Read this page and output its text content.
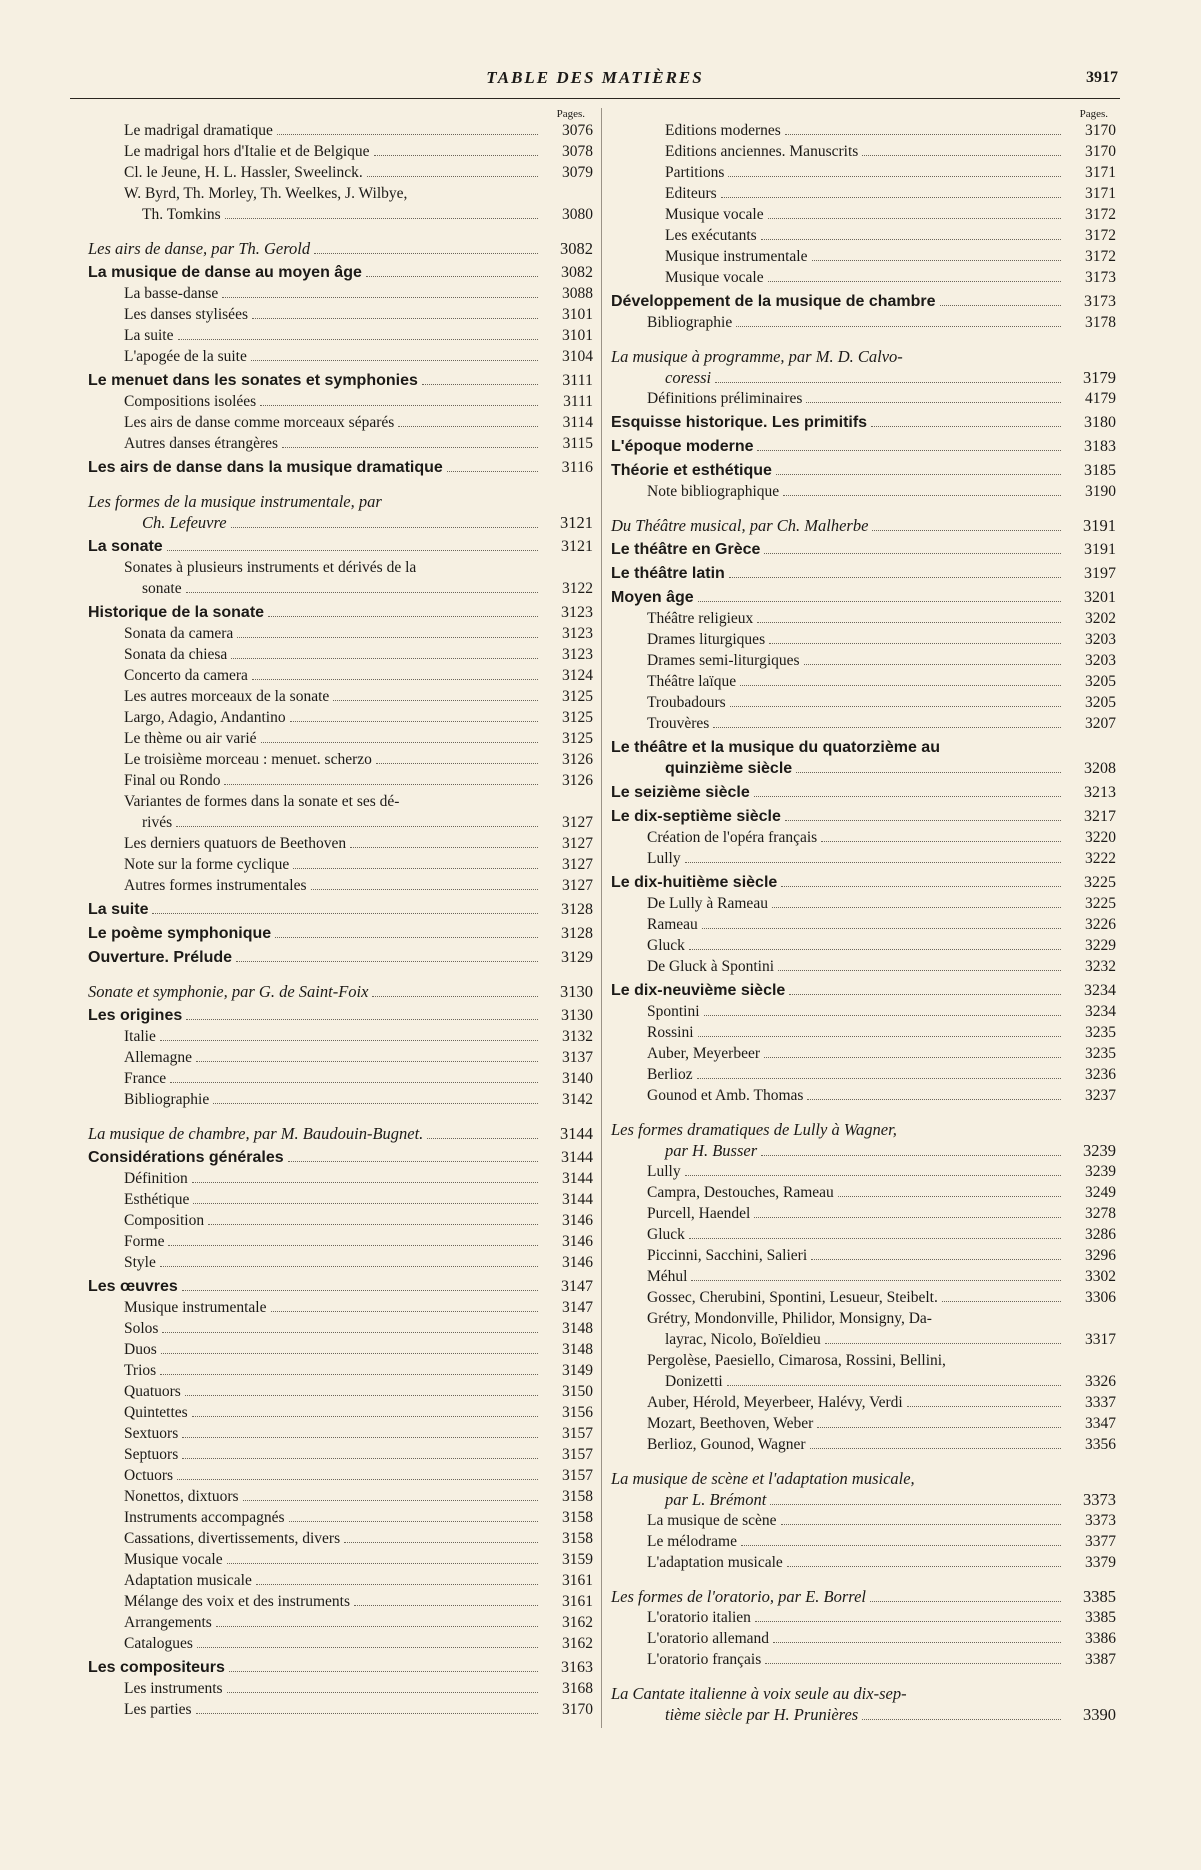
TABLE DES MATIÈRES	3917
Pages.
Le madrigal dramatique	3076
Le madrigal hors d'Italie et de Belgique	3078
Cl. le Jeune, H. L. Hassler, Sweelinck.	3079
W. Byrd, Th. Morley, Th. Weelkes, J. Wilbye,
Th. Tomkins	3080
Les airs de danse, par Th. Gerold	3082
La musique de danse au moyen âge	3082
La basse-danse	3088
Les danses stylisées	3101
La suite	3101
L'apogée de la suite	3104
Le menuet dans les sonates et symphonies	3111
Compositions isolées	3111
Les airs de danse comme morceaux séparés	3114
Autres danses étrangères	3115
Les airs de danse dans la musique dramatique	3116
Les formes de la musique instrumentale, par
Ch. Lefeuvre	3121
La sonate	3121
Sonates à plusieurs instruments et dérivés de la
sonate	3122
Historique de la sonate	3123
Sonata da camera	3123
Sonata da chiesa	3123
Concerto da camera	3124
Les autres morceaux de la sonate	3125
Largo, Adagio, Andantino	3125
Le thème ou air varié	3125
Le troisième morceau : menuet. scherzo	3126
Final ou Rondo	3126
Variantes de formes dans la sonate et ses dé-
rivés	3127
Les derniers quatuors de Beethoven	3127
Note sur la forme cyclique	3127
Autres formes instrumentales	3127
La suite	3128
Le poème symphonique	3128
Ouverture. Prélude	3129
Sonate et symphonie, par G. de Saint-Foix	3130
Les origines	3130
Italie	3132
Allemagne	3137
France	3140
Bibliographie	3142
La musique de chambre, par M. Baudouin-Bugnet.	3144
Considérations générales	3144
Définition	3144
Esthétique	3144
Composition	3146
Forme	3146
Style	3146
Les œuvres	3147
Musique instrumentale	3147
Solos	3148
Duos	3148
Trios	3149
Quatuors	3150
Quintettes	3156
Sextuors	3157
Septuors	3157
Octuors	3157
Nonettos, dixtuors	3158
Instruments accompagnés	3158
Cassations, divertissements, divers	3158
Musique vocale	3159
Adaptation musicale	3161
Mélange des voix et des instruments	3161
Arrangements	3162
Catalogues	3162
Les compositeurs	3163
Les instruments	3168
Les parties	3170
Pages.
Editions modernes	3170
Editions anciennes. Manuscrits	3170
Partitions	3171
Editeurs	3171
Musique vocale	3172
Les exécutants	3172
Musique instrumentale	3172
Musique vocale	3173
Développement de la musique de chambre	3173
Bibliographie	3178
La musique à programme, par M. D. Calvo-
coressi	3179
Définitions préliminaires	4179
Esquisse historique. Les primitifs	3180
L'époque moderne	3183
Théorie et esthétique	3185
Note bibliographique	3190
Du Théâtre musical, par Ch. Malherbe	3191
Le théâtre en Grèce	3191
Le théâtre latin	3197
Moyen âge	3201
Théâtre religieux	3202
Drames liturgiques	3203
Drames semi-liturgiques	3203
Théâtre laïque	3205
Troubadours	3205
Trouvères	3207
Le théâtre et la musique du quatorzième au
quinzième siècle	3208
Le seizième siècle	3213
Le dix-septième siècle	3217
Création de l'opéra français	3220
Lully	3222
Le dix-huitième siècle	3225
De Lully à Rameau	3225
Rameau	3226
Gluck	3229
De Gluck à Spontini	3232
Le dix-neuvième siècle	3234
Spontini	3234
Rossini	3235
Auber, Meyerbeer	3235
Berlioz	3236
Gounod et Amb. Thomas	3237
Les formes dramatiques de Lully à Wagner,
par H. Busser	3239
Lully	3239
Campra, Destouches, Rameau	3249
Purcell, Haendel	3278
Gluck	3286
Piccinni, Sacchini, Salieri	3296
Méhul	3302
Gossec, Cherubini, Spontini, Lesueur, Steibelt.	3306
Grétry, Mondonville, Philidor, Monsigny, Da-
layrac, Nicolo, Boïeldieu	3317
Pergolèse, Paesiello, Cimarosa, Rossini, Bellini,
Donizetti	3326
Auber, Hérold, Meyerbeer, Halévy, Verdi	3337
Mozart, Beethoven, Weber	3347
Berlioz, Gounod, Wagner	3356
La musique de scène et l'adaptation musicale,
par L. Brémont	3373
La musique de scène	3373
Le mélodrame	3377
L'adaptation musicale	3379
Les formes de l'oratorio, par E. Borrel	3385
L'oratorio italien	3385
L'oratorio allemand	3386
L'oratorio français	3387
La Cantate italienne à voix seule au dix-sep-
tième siècle par H. Prunières	3390
